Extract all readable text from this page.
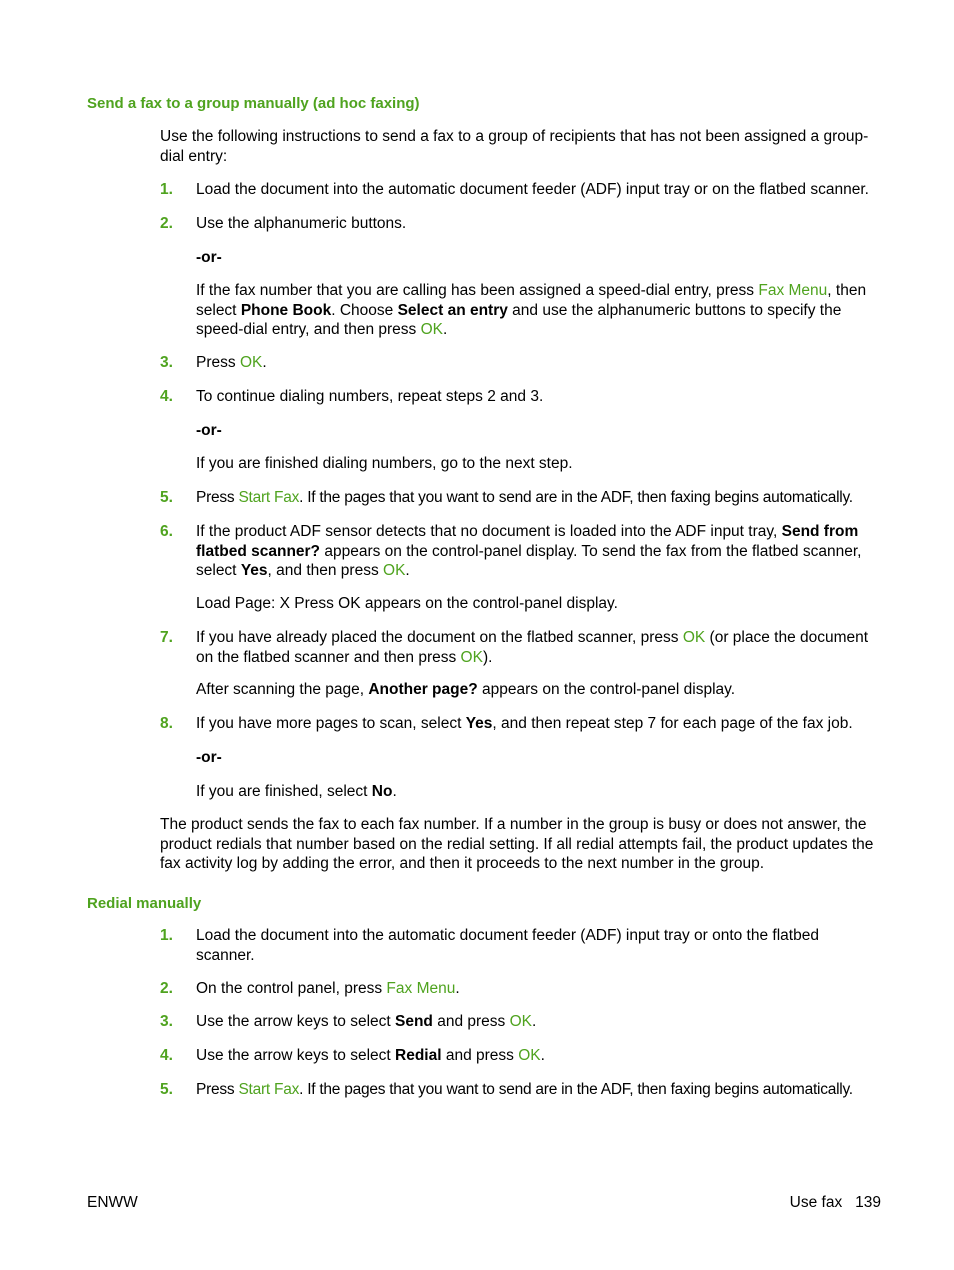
Send a fax to a group manually (ad hoc faxing)
Use the following instructions to send a fax to a group of recipients that has not been assigned a group-dial entry:
1. Load the document into the automatic document feeder (ADF) input tray or on the flatbed scanner.
2. Use the alphanumeric buttons.
-or-
If the fax number that you are calling has been assigned a speed-dial entry, press Fax Menu, then select Phone Book. Choose Select an entry and use the alphanumeric buttons to specify the speed-dial entry, and then press OK.
3. Press OK.
4. To continue dialing numbers, repeat steps 2 and 3.
-or-
If you are finished dialing numbers, go to the next step.
5. Press Start Fax. If the pages that you want to send are in the ADF, then faxing begins automatically.
6. If the product ADF sensor detects that no document is loaded into the ADF input tray, Send from flatbed scanner? appears on the control-panel display. To send the fax from the flatbed scanner, select Yes, and then press OK.
Load Page: X Press OK appears on the control-panel display.
7. If you have already placed the document on the flatbed scanner, press OK (or place the document on the flatbed scanner and then press OK).
After scanning the page, Another page? appears on the control-panel display.
8. If you have more pages to scan, select Yes, and then repeat step 7 for each page of the fax job.
-or-
If you are finished, select No.
The product sends the fax to each fax number. If a number in the group is busy or does not answer, the product redials that number based on the redial setting. If all redial attempts fail, the product updates the fax activity log by adding the error, and then it proceeds to the next number in the group.
Redial manually
1. Load the document into the automatic document feeder (ADF) input tray or onto the flatbed scanner.
2. On the control panel, press Fax Menu.
3. Use the arrow keys to select Send and press OK.
4. Use the arrow keys to select Redial and press OK.
5. Press Start Fax. If the pages that you want to send are in the ADF, then faxing begins automatically.
ENWW	Use fax 139
